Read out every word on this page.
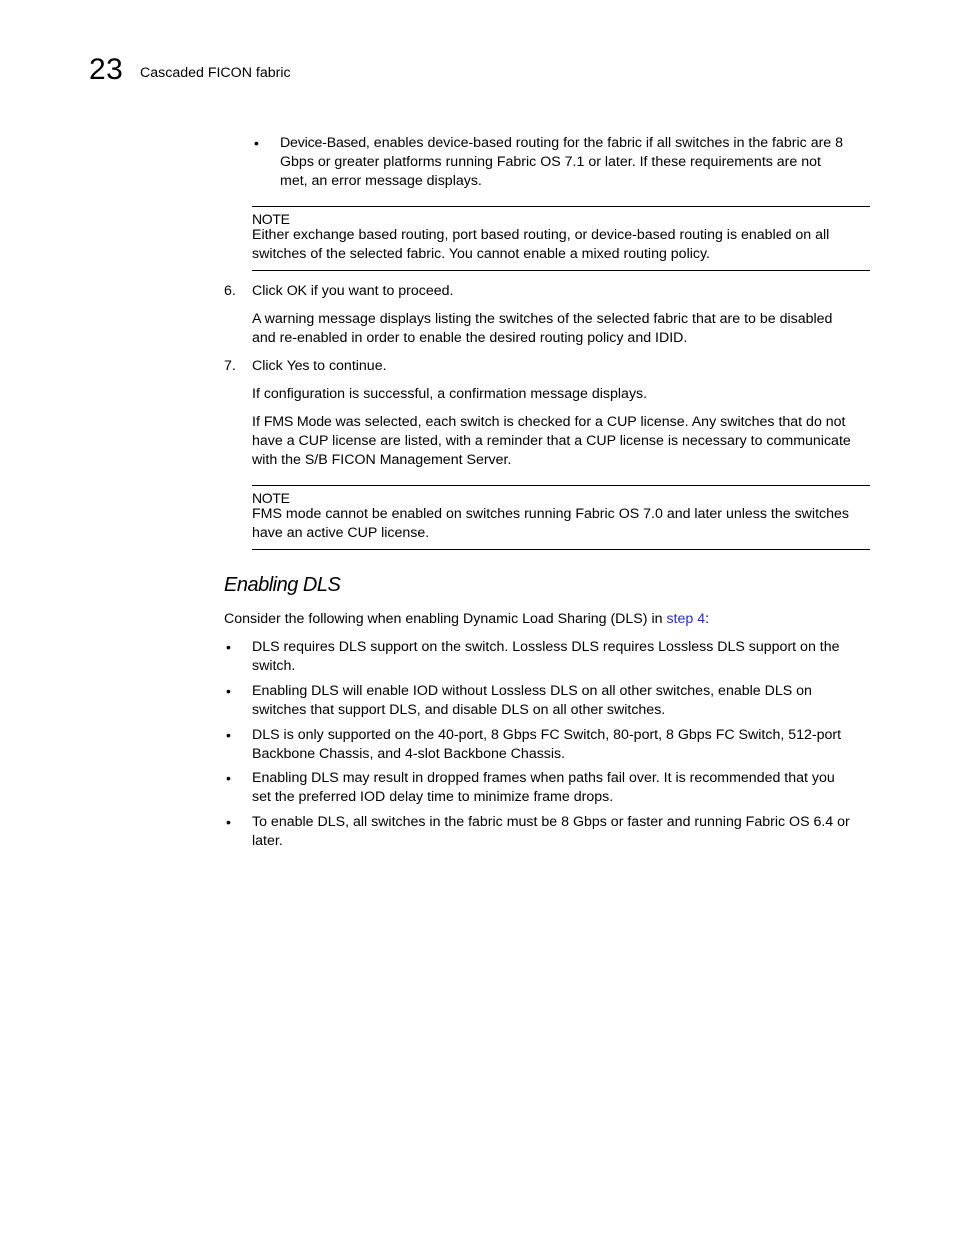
23 Cascaded FICON fabric
• Device-Based, enables device-based routing for the fabric if all switches in the fabric are 8
Gbps or greater platforms running Fabric OS 7.1 or later. If these requirements are not
met, an error message displays.
NOTE
Either exchange based routing, port based routing, or device-based routing is enabled on all
switches of the selected fabric. You cannot enable a mixed routing policy.
6. Click OK if you want to proceed.
A warning message displays listing the switches of the selected fabric that are to be disabled
and re-enabled in order to enable the desired routing policy and IDID.
7. Click Yes to continue.
If configuration is successful, a confirmation message displays.
If FMS Mode was selected, each switch is checked for a CUP license. Any switches that do not
have a CUP license are listed, with a reminder that a CUP license is necessary to communicate
with the S/B FICON Management Server.
NOTE
FMS mode cannot be enabled on switches running Fabric OS 7.0 and later unless the switches
have an active CUP license.
Enabling DLS
Consider the following when enabling Dynamic Load Sharing (DLS) in step 4:
• DLS requires DLS support on the switch. Lossless DLS requires Lossless DLS support on the
switch.
• Enabling DLS will enable IOD without Lossless DLS on all other switches, enable DLS on
switches that support DLS, and disable DLS on all other switches.
• DLS is only supported on the 40-port, 8 Gbps FC Switch, 80-port, 8 Gbps FC Switch, 512-port
Backbone Chassis, and 4-slot Backbone Chassis.
• Enabling DLS may result in dropped frames when paths fail over. It is recommended that you
set the preferred IOD delay time to minimize frame drops.
• To enable DLS, all switches in the fabric must be 8 Gbps or faster and running Fabric OS 6.4 or
later.
